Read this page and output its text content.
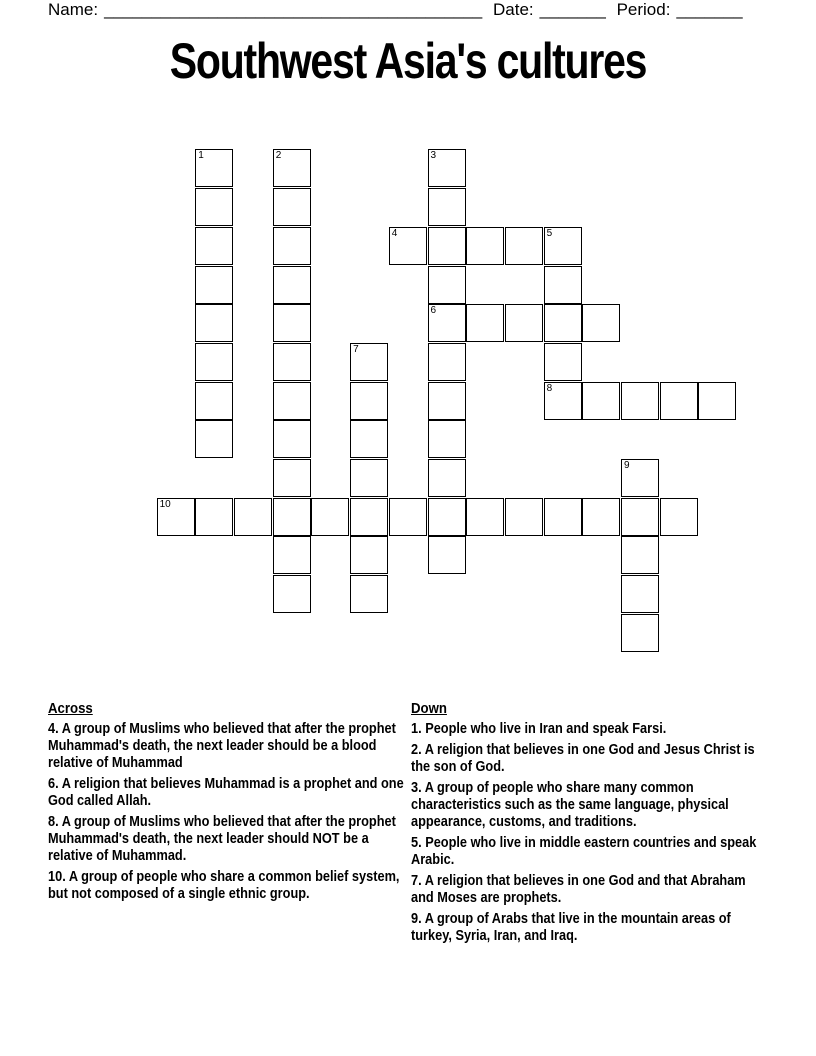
Name: ________________________________________ Date: _______ Period: _______
Southwest Asia's cultures
1	2	3
6
4	5
8
7
9
10
Across
4. A group of Muslims who believed that after the prophet Muhammad's death, the next leader should be a blood relative of Muhammad
6. A religion that believes Muhammad is a prophet and one God called Allah.
8. A group of Muslims who believed that after the prophet Muhammad's death, the next leader should NOT be a relative of Muhammad.
10. A group of people who share a common belief system, but not composed of a single ethnic group.
Down
1. People who live in Iran and speak Farsi.
2. A religion that believes in one God and Jesus Christ is the son of God.
3. A group of people who share many common characteristics such as the same language, physical appearance, customs, and traditions.
5. People who live in middle eastern countries and speak Arabic.
7. A religion that believes in one God and that Abraham and Moses are prophets.
9. A group of Arabs that live in the mountain areas of turkey, Syria, Iran, and Iraq.
